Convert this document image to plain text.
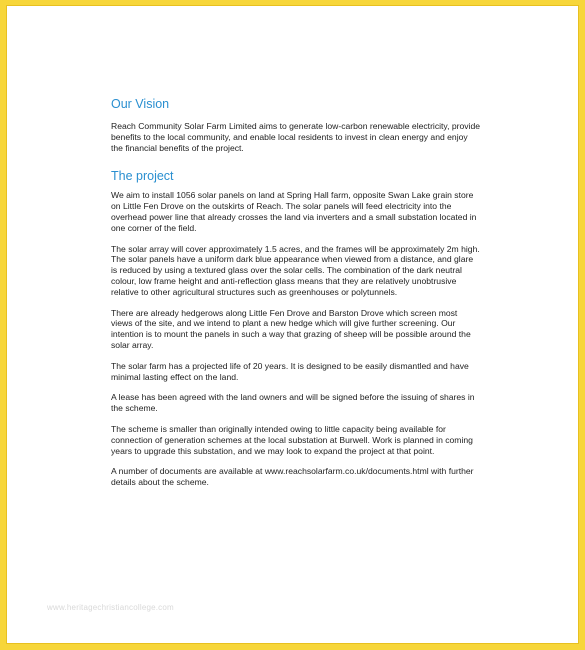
Our Vision

Reach Community Solar Farm Limited aims to generate low-carbon renewable electricity, provide benefits to the local community, and enable local residents to invest in clean energy and enjoy the financial benefits of the project.

The project

We aim to install 1056 solar panels on land at Spring Hall farm, opposite Swan Lake grain store on Little Fen Drove on the outskirts of Reach. The solar panels will feed electricity into the overhead power line that already crosses the land via inverters and a small substation located in one corner of the field.

The solar array will cover approximately 1.5 acres, and the frames will be approximately 2m high. The solar panels have a uniform dark blue appearance when viewed from a distance, and glare is reduced by using a textured glass over the solar cells. The combination of the dark neutral colour, low frame height and anti-reflection glass means that they are relatively unobtrusive relative to other agricultural structures such as greenhouses or polytunnels.

There are already hedgerows along Little Fen Drove and Barston Drove which screen most views of the site, and we intend to plant a new hedge which will give further screening. Our intention is to mount the panels in such a way that grazing of sheep will be possible around the solar array.

The solar farm has a projected life of 20 years. It is designed to be easily dismantled and have minimal lasting effect on the land.

A lease has been agreed with the land owners and will be signed before the issuing of shares in the scheme.

The scheme is smaller than originally intended owing to little capacity being available for connection of generation schemes at the local substation at Burwell. Work is planned in coming years to upgrade this substation, and we may look to expand the project at that point.

A number of documents are available at www.reachsolarfarm.co.uk/documents.html with further details about the scheme.

www.heritagechristiancollege.com
